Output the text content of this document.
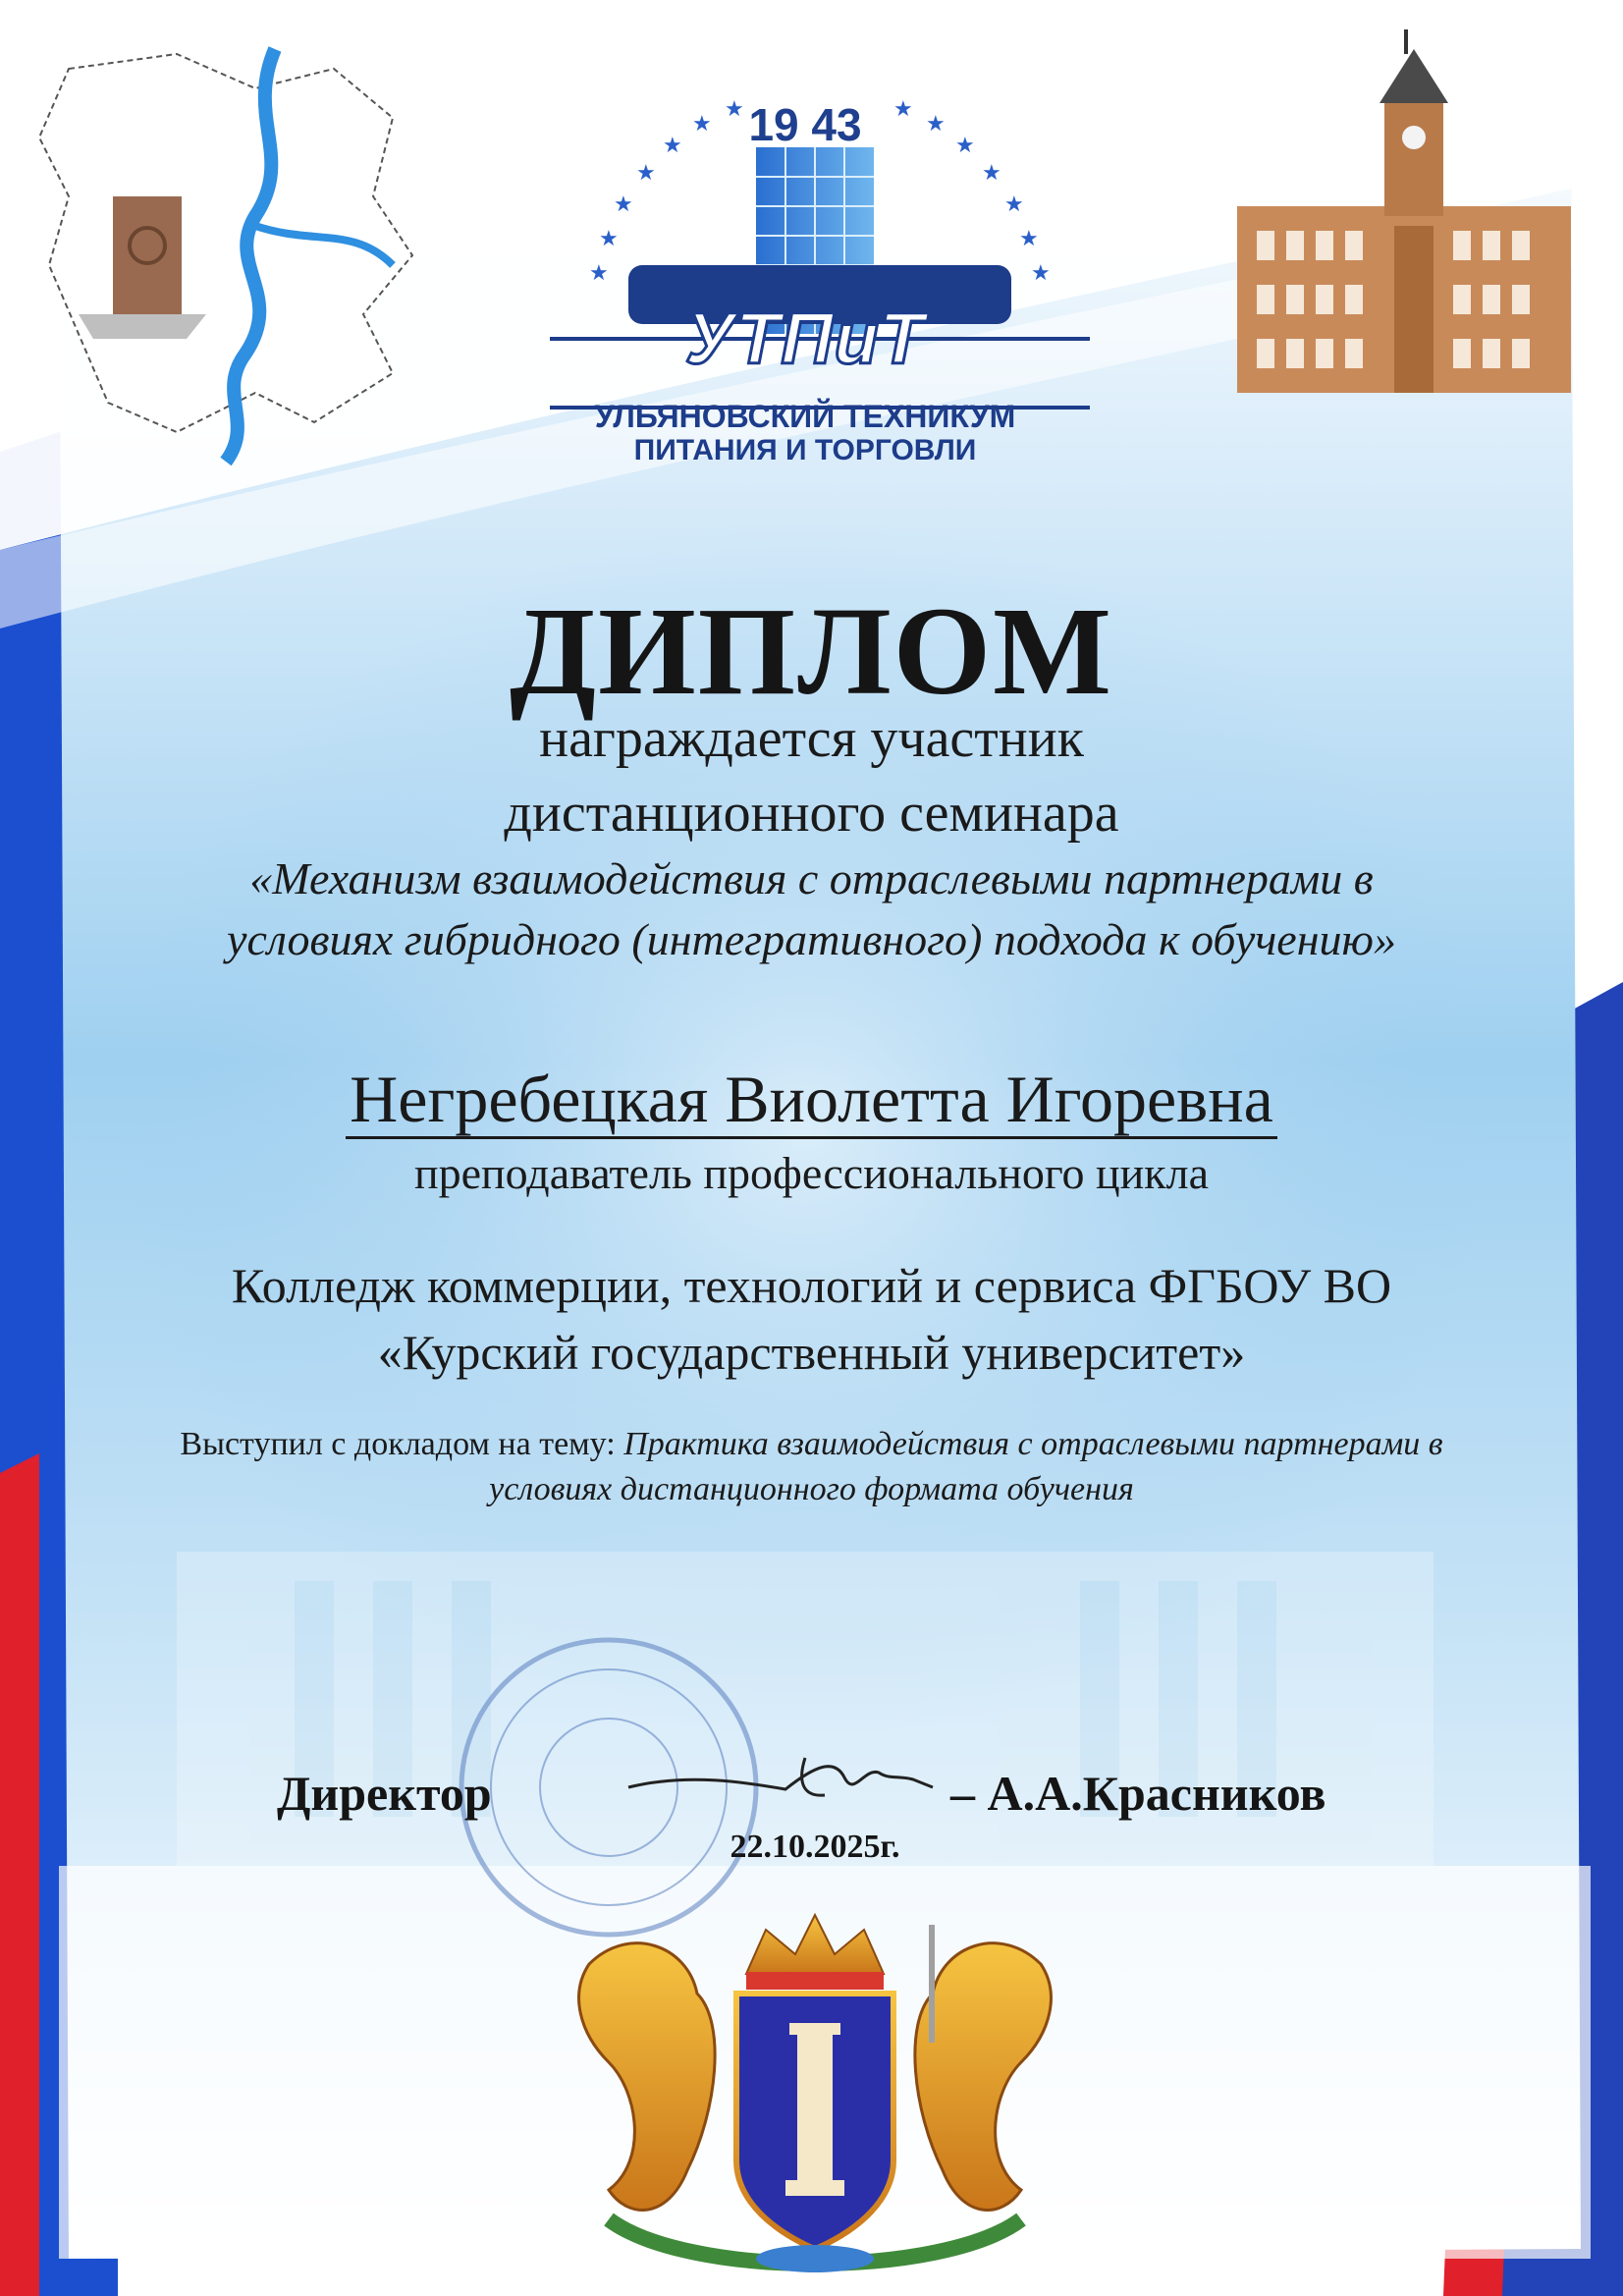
★
★
★
★
★
★	★
★
★
★
★
★
★	★
19 43
УТПиТ
УЛЬЯНОВСКИЙ ТЕХНИКУМ
ПИТАНИЯ И ТОРГОВЛИ
ДИПЛОМ
награждается участник
дистанционного семинара
«Механизм взаимодействия с отраслевыми партнерами в
условиях гибридного (интегративного) подхода к обучению»
Негребецкая Виолетта Игоревна
преподаватель профессионального цикла
Колледж коммерции, технологий и сервиса ФГБОУ ВО
«Курский государственный университет»
Выступил с докладом на тему: Практика взаимодействия с отраслевыми партнерами в
условиях дистанционного формата обучения
Директор	– А.А.Красников
22.10.2025г.
